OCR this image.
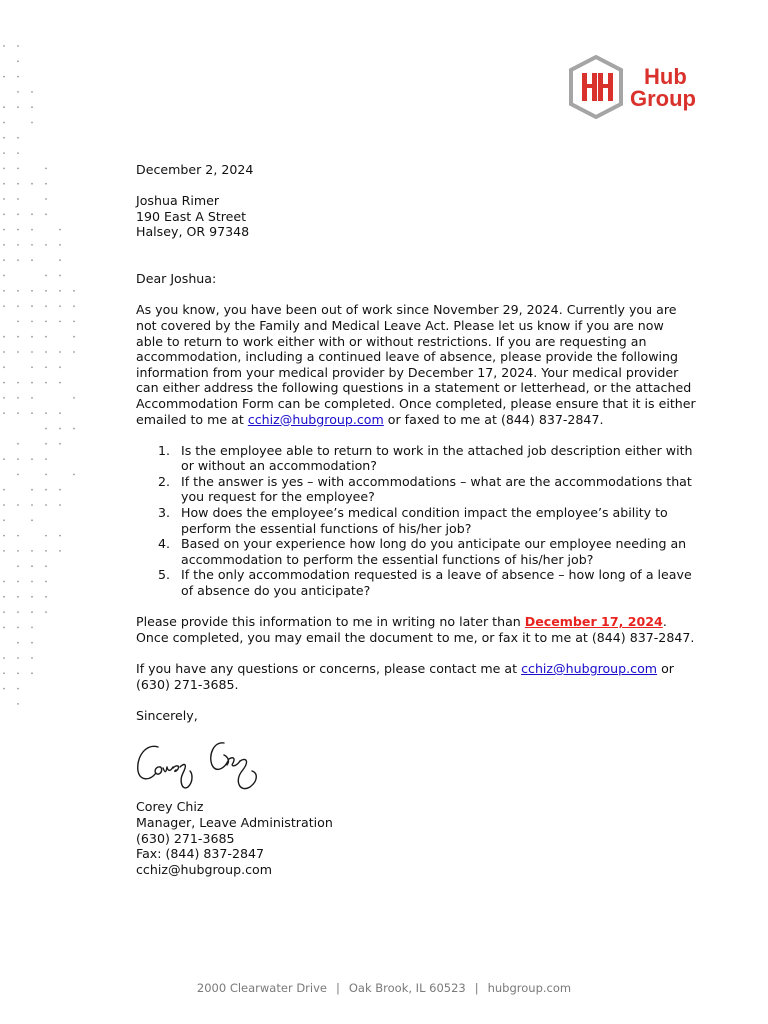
Hub
Group

December 2, 2024

Joshua Rimer

190 East A Street

Halsey, OR 97348

Dear Joshua:

As you know, you have been out of work since November 29, 2024. Currently you are

not covered by the Family and Medical Leave Act. Please let us know if you are now

able to return to work either with or without restrictions. If you are requesting an

accommodation, including a continued leave of absence, please provide the following

information from your medical provider by December 17, 2024. Your medical provider

can either address the following questions in a statement or letterhead, or the attached

Accommodation Form can be completed. Once completed, please ensure that it is either

emailed to me at cchiz@hubgroup.com or faxed to me at (844) 837-2847.

1. Is the employee able to return to work in the attached job description either with
or without an accommodation?
2. If the answer is yes – with accommodations – what are the accommodations that
you request for the employee?
3. How does the employee’s medical condition impact the employee’s ability to
perform the essential functions of his/her job?
4. Based on your experience how long do you anticipate our employee needing an
accommodation to perform the essential functions of his/her job?
5. If the only accommodation requested is a leave of absence – how long of a leave
of absence do you anticipate?

Please provide this information to me in writing no later than December 17, 2024.

Once completed, you may email the document to me, or fax it to me at (844) 837-2847.

If you have any questions or concerns, please contact me at cchiz@hubgroup.com or

(630) 271-3685.

Sincerely,

Corey Chiz

Manager, Leave Administration

(630) 271-3685

Fax: (844) 837-2847

cchiz@hubgroup.com

2000 Clearwater Drive | Oak Brook, IL 60523 | hubgroup.com
